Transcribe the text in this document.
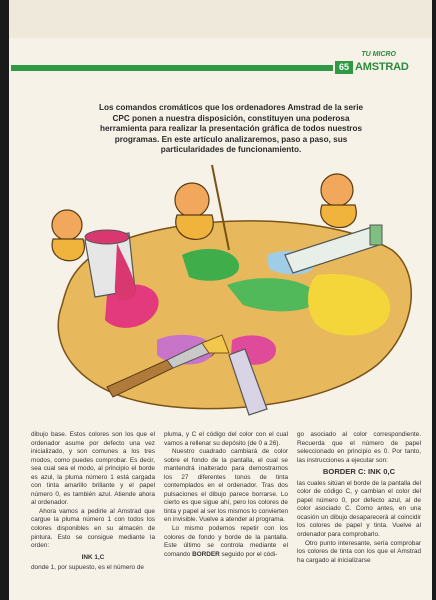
TU MICRO
65 AMSTRAD
Los comandos cromáticos que los ordenadores Amstrad de la serie CPC ponen a nuestra disposición, constituyen una poderosa herramienta para realizar la presentación gráfica de todos nuestros programas. En este artículo analizaremos, paso a paso, sus particularidades de funcionamiento.

dibujo base. Estos colores son los que el ordenador asume por defecto una vez inicializado, y son comunes a los tres modos, como puedes comprobar. Es decir, sea cual sea el modo, al principio el borde es azul, la pluma número 1 está cargada con tinta amarillo brillante y el papel número 0, es también azul. Atiende ahora al ordenador.

Ahora vamos a pedirle al Amstrad que cargue la pluma número 1 con todos los colores disponibles en su almacén de pintura. Esto se consigue mediante la orden:

INK 1,C

donde 1, por supuesto, es el número de

pluma, y C el código del color con el cual vamos a rellenar su depósito (de 0 a 26).

Nuestro cuadrado cambiará de color sobre el fondo de la pantalla, el cual se mantendrá inalterado para demostrarnos los 27 diferentes tonos de tinta contemplados en el ordenador. Tras dos pulsaciones el dibujo parece borrarse. Lo cierto es que sigue ahí, pero los colores de tinta y papel al ser los mismos lo convierten en invisible. Vuelve a atender al programa.

Lo mismo podemos repetir con los colores de fondo y borde de la pantalla. Este último se controla mediante el comando BORDER seguido por el códi-

go asociado al color correspondiente. Recuerda que el número de papel seleccionado en principio es 0. Por tanto, las instrucciones a ejecutar son:

BORDER C: INK 0,C

las cuales sitúan el borde de la pantalla del color de código C, y cambian el color del papel número 0, por defecto azul, al de color asociado C. Como antes, en una ocasión un dibujo desaparecerá al coincidir los colores de papel y tinta. Vuelve al ordenador para comprobarlo.

Otro punto interesante, sería comprobar los colores de tinta con los que el Amstrad ha cargado al inicializarse
